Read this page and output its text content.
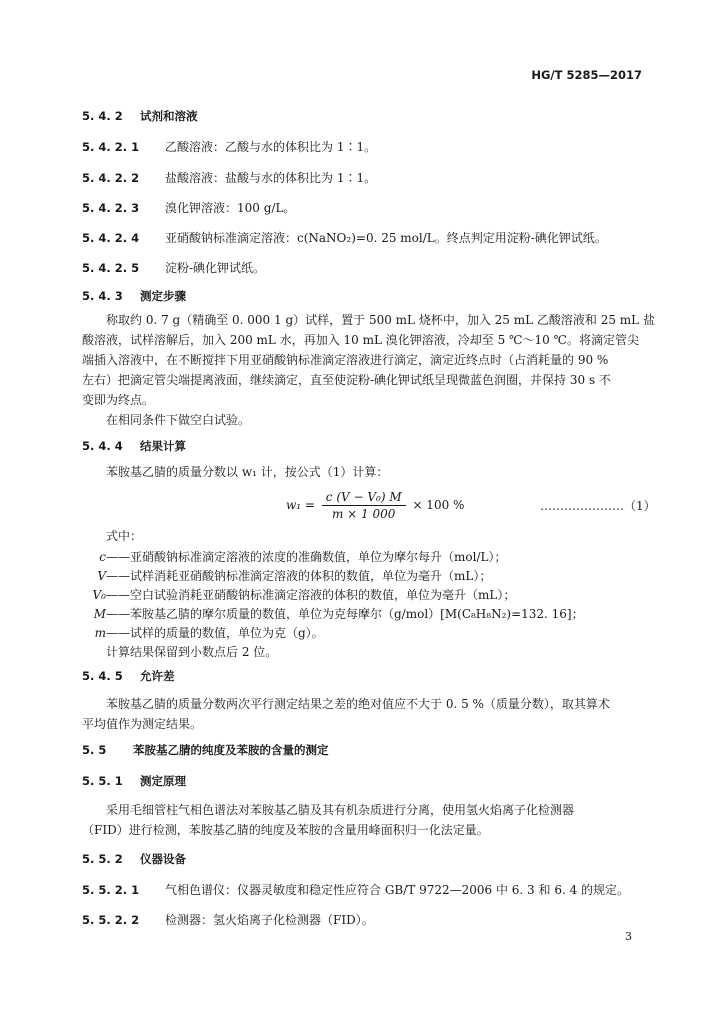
HG/T 5285—2017
5. 4. 2 试剂和溶液
5. 4. 2. 1 乙酸溶液：乙酸与水的体积比为 1∶1。
5. 4. 2. 2 盐酸溶液：盐酸与水的体积比为 1∶1。
5. 4. 2. 3 溴化钾溶液：100 g/L。
5. 4. 2. 4 亚硝酸钠标准滴定溶液：c(NaNO₂)=0. 25 mol/L。终点判定用淀粉-碘化钾试纸。
5. 4. 2. 5 淀粉-碘化钾试纸。
5. 4. 3 测定步骤
称取约 0. 7 g（精确至 0. 000 1 g）试样，置于 500 mL 烧杯中，加入 25 mL 乙酸溶液和 25 mL 盐
酸溶液，试样溶解后，加入 200 mL 水，再加入 10 mL 溴化钾溶液，冷却至 5 ℃～10 ℃。将滴定管尖
端插入溶液中，在不断搅拌下用亚硝酸钠标准滴定溶液进行滴定，滴定近终点时（占消耗量的 90 %
左右）把滴定管尖端提离液面，继续滴定，直至使淀粉-碘化钾试纸呈现微蓝色润圈，并保持 30 s 不
变即为终点。
在相同条件下做空白试验。
5. 4. 4 结果计算
苯胺基乙腈的质量分数以 w₁ 计，按公式（1）计算：
$w_1 = \frac{\text{c (V − V₀) M}}{m \times 1 000} \times 100$ %	…………………（1）
式中：
c——亚硝酸钠标准滴定溶液的浓度的准确数值，单位为摩尔每升（mol/L）；
V——试样消耗亚硝酸钠标准滴定溶液的体积的数值，单位为毫升（mL）；
V₀——空白试验消耗亚硝酸钠标准滴定溶液的体积的数值，单位为毫升（mL）；
M——苯胺基乙腈的摩尔质量的数值，单位为克每摩尔（g/mol）[M(C₈H₈N₂)=132. 16]；
m——试样的质量的数值，单位为克（g）。
计算结果保留到小数点后 2 位。
5. 4. 5 允许差
苯胺基乙腈的质量分数两次平行测定结果之差的绝对值应不大于 0. 5 %（质量分数），取其算术
平均值作为测定结果。
5. 5 苯胺基乙腈的纯度及苯胺的含量的测定
5. 5. 1 测定原理
采用毛细管柱气相色谱法对苯胺基乙腈及其有机杂质进行分离，使用氢火焰离子化检测器
（FID）进行检测，苯胺基乙腈的纯度及苯胺的含量用峰面积归一化法定量。
5. 5. 2 仪器设备
5. 5. 2. 1 气相色谱仪：仪器灵敏度和稳定性应符合 GB/T 9722—2006 中 6. 3 和 6. 4 的规定。
5. 5. 2. 2 检测器：氢火焰离子化检测器（FID）。
3
